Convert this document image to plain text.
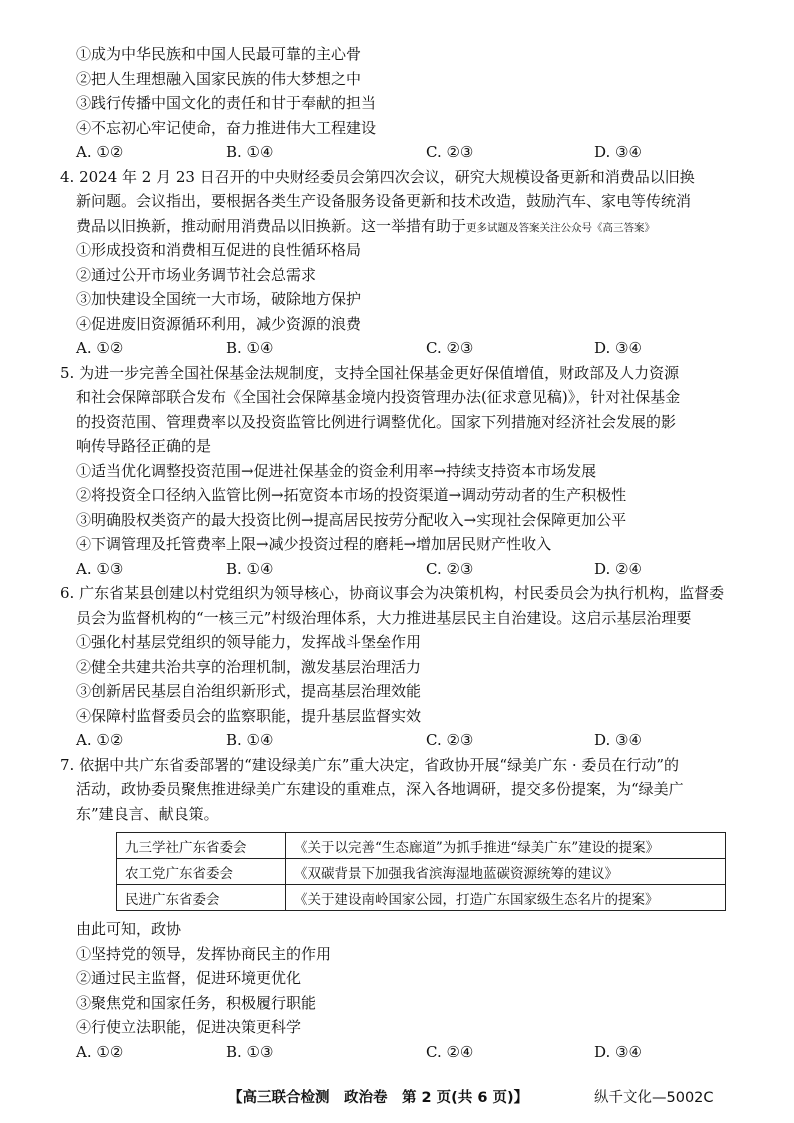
①成为中华民族和中国人民最可靠的主心骨
②把人生理想融入国家民族的伟大梦想之中
③践行传播中国文化的责任和甘于奉献的担当
④不忘初心牢记使命，奋力推进伟大工程建设
A. ①②	B. ①④	C. ②③	D. ③④
4. 2024 年 2 月 23 日召开的中央财经委员会第四次会议，研究大规模设备更新和消费品以旧换
新问题。会议指出，要根据各类生产设备服务设备更新和技术改造，鼓励汽车、家电等传统消
费品以旧换新，推动耐用消费品以旧换新。这一举措有助于更多试题及答案关注公众号《高三答案》
①形成投资和消费相互促进的良性循环格局
②通过公开市场业务调节社会总需求
③加快建设全国统一大市场，破除地方保护
④促进废旧资源循环利用，减少资源的浪费
A. ①②	B. ①④	C. ②③	D. ③④
5. 为进一步完善全国社保基金法规制度，支持全国社保基金更好保值增值，财政部及人力资源
和社会保障部联合发布《全国社会保障基金境内投资管理办法(征求意见稿)》，针对社保基金
的投资范围、管理费率以及投资监管比例进行调整优化。国家下列措施对经济社会发展的影
响传导路径正确的是
①适当优化调整投资范围→促进社保基金的资金利用率→持续支持资本市场发展
②将投资全口径纳入监管比例→拓宽资本市场的投资渠道→调动劳动者的生产积极性
③明确股权类资产的最大投资比例→提高居民按劳分配收入→实现社会保障更加公平
④下调管理及托管费率上限→减少投资过程的磨耗→增加居民财产性收入
A. ①③	B. ①④	C. ②③	D. ②④
6. 广东省某县创建以村党组织为领导核心，协商议事会为决策机构，村民委员会为执行机构，监督委
员会为监督机构的“一核三元”村级治理体系，大力推进基层民主自治建设。这启示基层治理要
①强化村基层党组织的领导能力，发挥战斗堡垒作用
②健全共建共治共享的治理机制，激发基层治理活力
③创新居民基层自治组织新形式，提高基层治理效能
④保障村监督委员会的监察职能，提升基层监督实效
A. ①②	B. ①④	C. ②③	D. ③④
7. 依据中共广东省委部署的“建设绿美广东”重大决定，省政协开展“绿美广东 · 委员在行动”的
活动，政协委员聚焦推进绿美广东建设的重难点，深入各地调研，提交多份提案，为“绿美广
东”建良言、献良策。
九三学社广东省委会	《关于以完善“生态廊道”为抓手推进“绿美广东”建设的提案》
农工党广东省委会	《双碳背景下加强我省滨海湿地蓝碳资源统筹的建议》
民进广东省委会	《关于建设南岭国家公园，打造广东国家级生态名片的提案》
由此可知，政协
①坚持党的领导，发挥协商民主的作用
②通过民主监督，促进环境更优化
③聚焦党和国家任务，积极履行职能
④行使立法职能，促进决策更科学
A. ①②	B. ①③	C. ②④	D. ③④
【高三联合检测　政治卷　第 2 页(共 6 页)】	纵千文化—5002C
